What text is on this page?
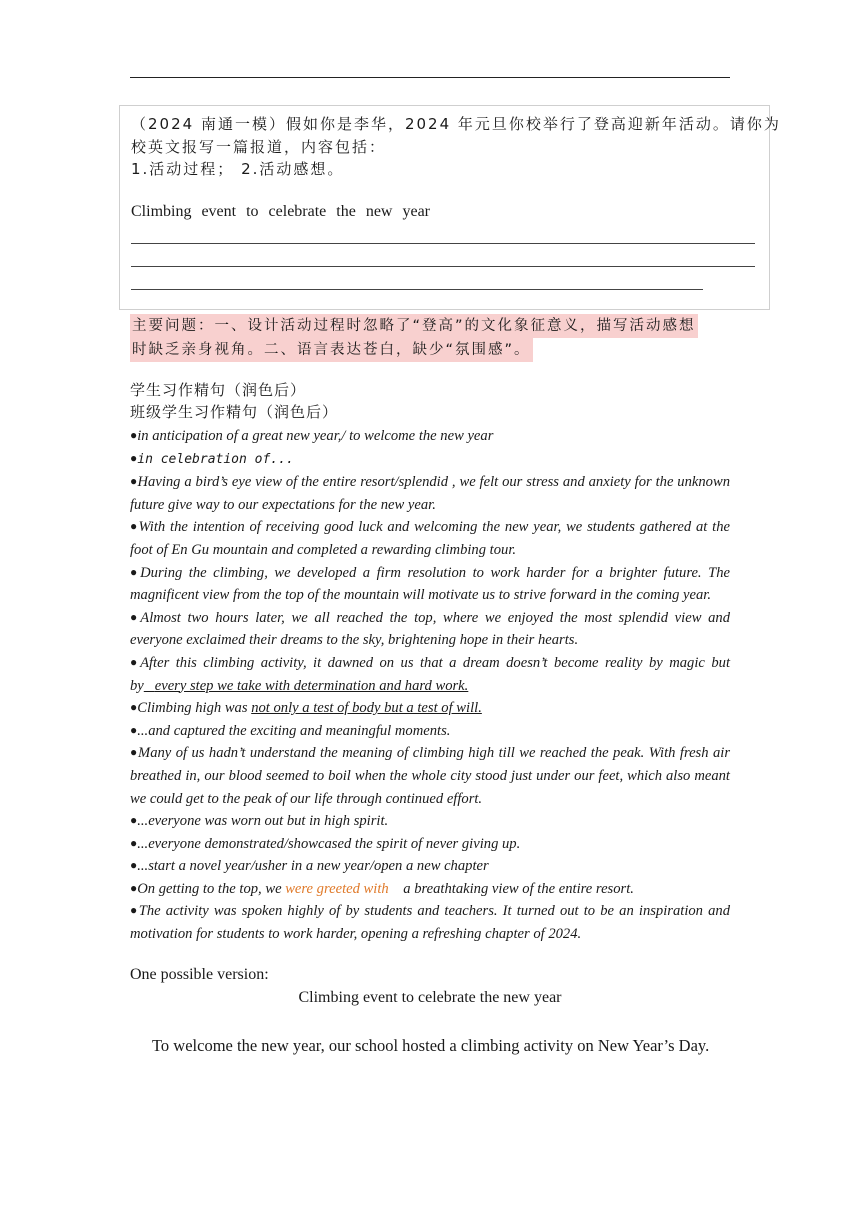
（2024 南通一模）假如你是李华，2024 年元旦你校举行了登高迎新年活动。请你为
校英文报写一篇报道，内容包括：
1.活动过程； 2.活动感想。
Climbing event to celebrate the new year
主要问题：一、设计活动过程时忽略了“登高”的文化象征意义，描写活动感想
时缺乏亲身视角。二、语言表达苍白，缺少“氛围感”。
学生习作精句（润色后）
班级学生习作精句（润色后）
●in anticipation of a great new year,/ to welcome the new year
●in celebration of...
●Having a bird’s eye view of the entire resort/splendid , we felt our stress and anxiety for the unknown future give way to our expectations for the new year.
●With the intention of receiving good luck and welcoming the new year, we students gathered at the foot of En Gu mountain and completed a rewarding climbing tour.
●During the climbing, we developed a firm resolution to work harder for a brighter future. The magnificent view from the top of the mountain will motivate us to strive forward in the coming year.
●Almost two hours later, we all reached the top, where we enjoyed the most splendid view and everyone exclaimed their dreams to the sky, brightening hope in their hearts.
●After this climbing activity, it dawned on us that a dream doesn’t become reality by magic but by every step we take with determination and hard work.
●Climbing high was not only a test of body but a test of will.
●...and captured the exciting and meaningful moments.
●Many of us hadn’t understand the meaning of climbing high till we reached the peak. With fresh air breathed in, our blood seemed to boil when the whole city stood just under our feet, which also meant we could get to the peak of our life through continued effort.
●...everyone was worn out but in high spirit.
●...everyone demonstrated/showcased the spirit of never giving up.
●...start a novel year/usher in a new year/open a new chapter
●On getting to the top, we were greeted with a breathtaking view of the entire resort.
●The activity was spoken highly of by students and teachers. It turned out to be an inspiration and motivation for students to work harder, opening a refreshing chapter of 2024.
One possible version:
Climbing event to celebrate the new year
To welcome the new year, our school hosted a climbing activity on New Year’s Day.
